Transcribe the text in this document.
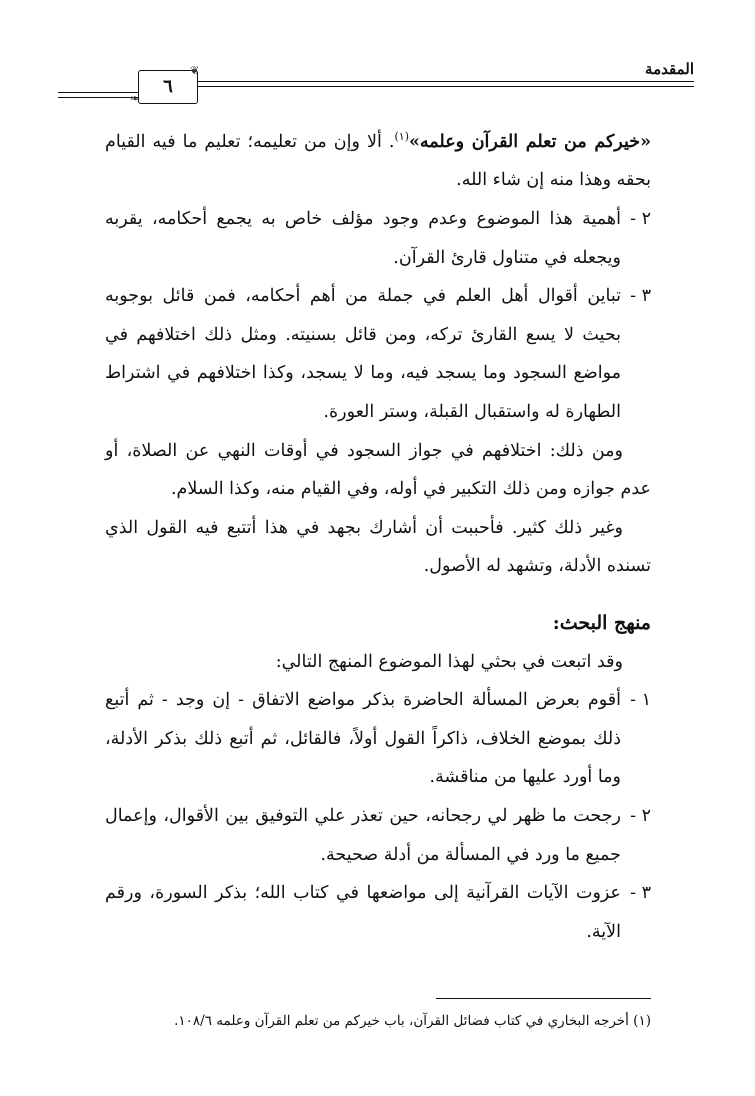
المقدمة
٦
❦
❧

«خيركم من تعلم القرآن وعلمه»$^{(١)}$. ألا وإن من تعليمه؛ تعليم ما فيه القيام بحقه وهذا منه إن شاء الله.

٢ -
أهمية هذا الموضوع وعدم وجود مؤلف خاص به يجمع أحكامه، يقربه ويجعله في متناول قارئ القرآن.

٣ -
تباين أقوال أهل العلم في جملة من أهم أحكامه، فمن قائل بوجوبه بحيث لا يسع القارئ تركه، ومن قائل بسنيته. ومثل ذلك اختلافهم في مواضع السجود وما يسجد فيه، وما لا يسجد، وكذا اختلافهم في اشتراط الطهارة له واستقبال القبلة، وستر العورة.

ومن ذلك: اختلافهم في جواز السجود في أوقات النهي عن الصلاة، أو عدم جوازه ومن ذلك التكبير في أوله، وفي القيام منه، وكذا السلام.

وغير ذلك كثير. فأحببت أن أشارك بجهد في هذا أتتبع فيه القول الذي تسنده الأدلة، وتشهد له الأصول.

منهج البحث:

وقد اتبعت في بحثي لهذا الموضوع المنهج التالي:

١ -
أقوم بعرض المسألة الحاضرة بذكر مواضع الاتفاق - إن وجد - ثم أتبع ذلك بموضع الخلاف، ذاكراً القول أولاً، فالقائل، ثم أتبع ذلك بذكر الأدلة، وما أورد عليها من مناقشة.

٢ -
رجحت ما ظهر لي رجحانه، حين تعذر علي التوفيق بين الأقوال، وإعمال جميع ما ورد في المسألة من أدلة صحيحة.

٣ -
عزوت الآيات القرآنية إلى مواضعها في كتاب الله؛ بذكر السورة، ورقم الآية.

(١) أخرجه البخاري في كتاب فضائل القرآن، باب خيركم من تعلم القرآن وعلمه ١٠٨/٦.
